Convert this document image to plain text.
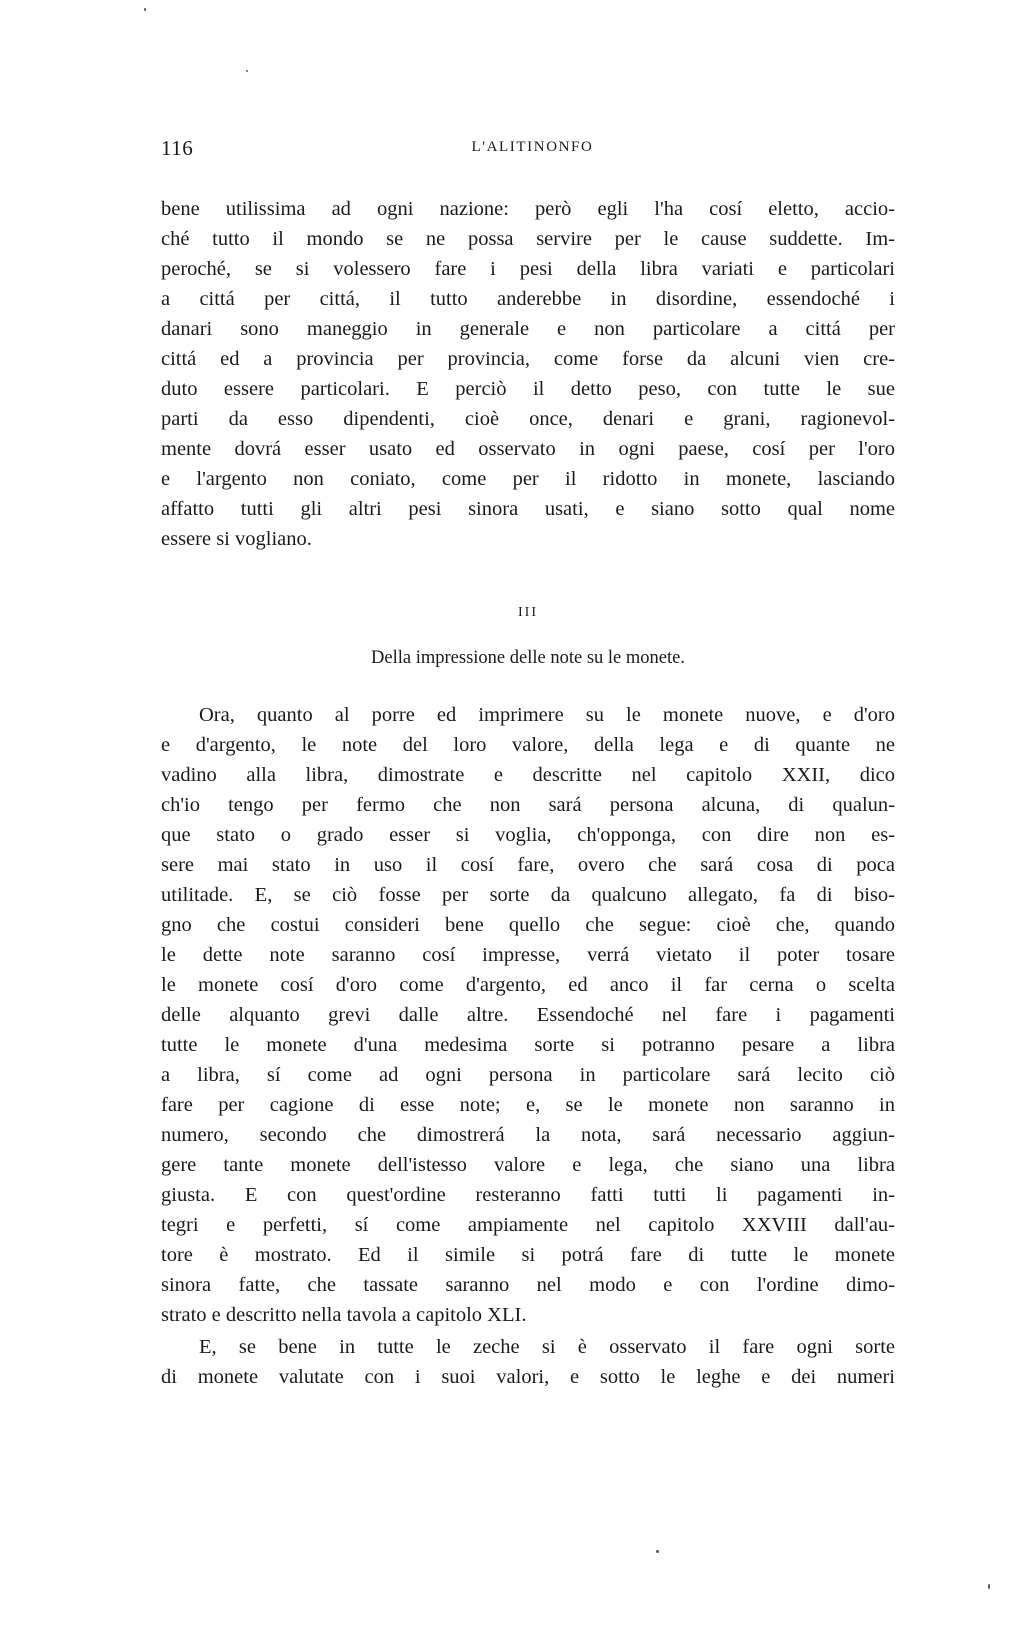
116	L'ALITINONFO
bene utilissima ad ogni nazione: però egli l'ha cosí eletto, accio-
ché tutto il mondo se ne possa servire per le cause suddette. Im-
peroché, se si volessero fare i pesi della libra variati e particolari
a cittá per cittá, il tutto anderebbe in disordine, essendoché i
danari sono maneggio in generale e non particolare a cittá per
cittá ed a provincia per provincia, come forse da alcuni vien cre-
duto essere particolari. E perciò il detto peso, con tutte le sue
parti da esso dipendenti, cioè once, denari e grani, ragionevol-
mente dovrá esser usato ed osservato in ogni paese, cosí per l'oro
e l'argento non coniato, come per il ridotto in monete, lasciando
affatto tutti gli altri pesi sinora usati, e siano sotto qual nome
essere si vogliano.
III
Della impressione delle note su le monete.
Ora, quanto al porre ed imprimere su le monete nuove, e d'oro
e d'argento, le note del loro valore, della lega e di quante ne
vadino alla libra, dimostrate e descritte nel capitolo XXII, dico
ch'io tengo per fermo che non sará persona alcuna, di qualun-
que stato o grado esser si voglia, ch'opponga, con dire non es-
sere mai stato in uso il cosí fare, overo che sará cosa di poca
utilitade. E, se ciò fosse per sorte da qualcuno allegato, fa di biso-
gno che costui consideri bene quello che segue: cioè che, quando
le dette note saranno cosí impresse, verrá vietato il poter tosare
le monete cosí d'oro come d'argento, ed anco il far cerna o scelta
delle alquanto grevi dalle altre. Essendoché nel fare i pagamenti
tutte le monete d'una medesima sorte si potranno pesare a libra
a libra, sí come ad ogni persona in particolare sará lecito ciò
fare per cagione di esse note; e, se le monete non saranno in
numero, secondo che dimostrerá la nota, sará necessario aggiun-
gere tante monete dell'istesso valore e lega, che siano una libra
giusta. E con quest'ordine resteranno fatti tutti li pagamenti in-
tegri e perfetti, sí come ampiamente nel capitolo XXVIII dall'au-
tore è mostrato. Ed il simile si potrá fare di tutte le monete
sinora fatte, che tassate saranno nel modo e con l'ordine dimo-
strato e descritto nella tavola a capitolo XLI.
E, se bene in tutte le zeche si è osservato il fare ogni sorte
di monete valutate con i suoi valori, e sotto le leghe e dei numeri
